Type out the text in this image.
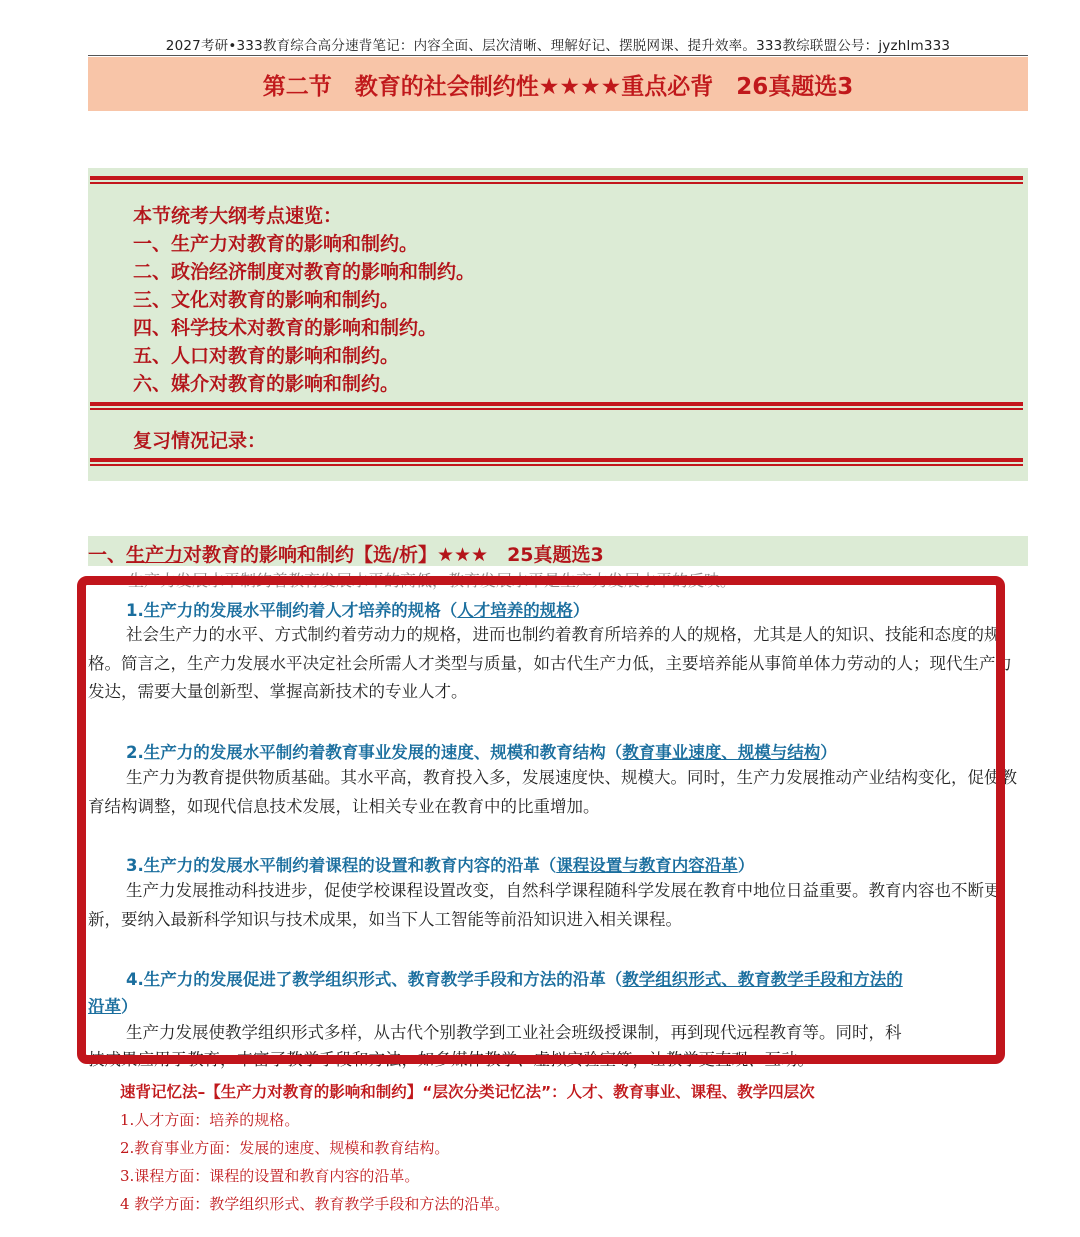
2027考研•333教育综合高分速背笔记：内容全面、层次清晰、理解好记、摆脱网课、提升效率。333教综联盟公号：jyzhlm333
第二节　教育的社会制约性★★★★重点必背　26真题选3
本节统考大纲考点速览：
一、生产力对教育的影响和制约。
二、政治经济制度对教育的影响和制约。
三、文化对教育的影响和制约。
四、科学技术对教育的影响和制约。
五、人口对教育的影响和制约。
六、媒介对教育的影响和制约。
复习情况记录：
一、生产力对教育的影响和制约【选/析】★★★　25真题选3
生产力发展水平制约着教育发展水平的高低，教育发展水平是生产力发展水平的反映。
1.生产力的发展水平制约着人才培养的规格（人才培养的规格）
社会生产力的水平、方式制约着劳动力的规格，进而也制约着教育所培养的人的规格，尤其是人的知识、技能和态度的规格。简言之，生产力发展水平决定社会所需人才类型与质量，如古代生产力低，主要培养能从事简单体力劳动的人；现代生产力发达，需要大量创新型、掌握高新技术的专业人才。
2.生产力的发展水平制约着教育事业发展的速度、规模和教育结构（教育事业速度、规模与结构）
生产力为教育提供物质基础。其水平高，教育投入多，发展速度快、规模大。同时，生产力发展推动产业结构变化，促使教育结构调整，如现代信息技术发展，让相关专业在教育中的比重增加。
3.生产力的发展水平制约着课程的设置和教育内容的沿革（课程设置与教育内容沿革）
生产力发展推动科技进步，促使学校课程设置改变，自然科学课程随科学发展在教育中地位日益重要。教育内容也不断更新，要纳入最新科学知识与技术成果，如当下人工智能等前沿知识进入相关课程。
4.生产力的发展促进了教学组织形式、教育教学手段和方法的沿革（教学组织形式、教育教学手段和方法的
沿革）
生产力发展使教学组织形式多样，从古代个别教学到工业社会班级授课制，再到现代远程教育等。同时，科
技成果应用于教育，丰富了教学手段和方法，如多媒体教学、虚拟实验室等，让教学更直观、互动。
速背记忆法–【生产力对教育的影响和制约】“层次分类记忆法”：人才、教育事业、课程、教学四层次
1.人才方面：培养的规格。
2.教育事业方面：发展的速度、规模和教育结构。
3.课程方面：课程的设置和教育内容的沿革。
4 教学方面：教学组织形式、教育教学手段和方法的沿革。
